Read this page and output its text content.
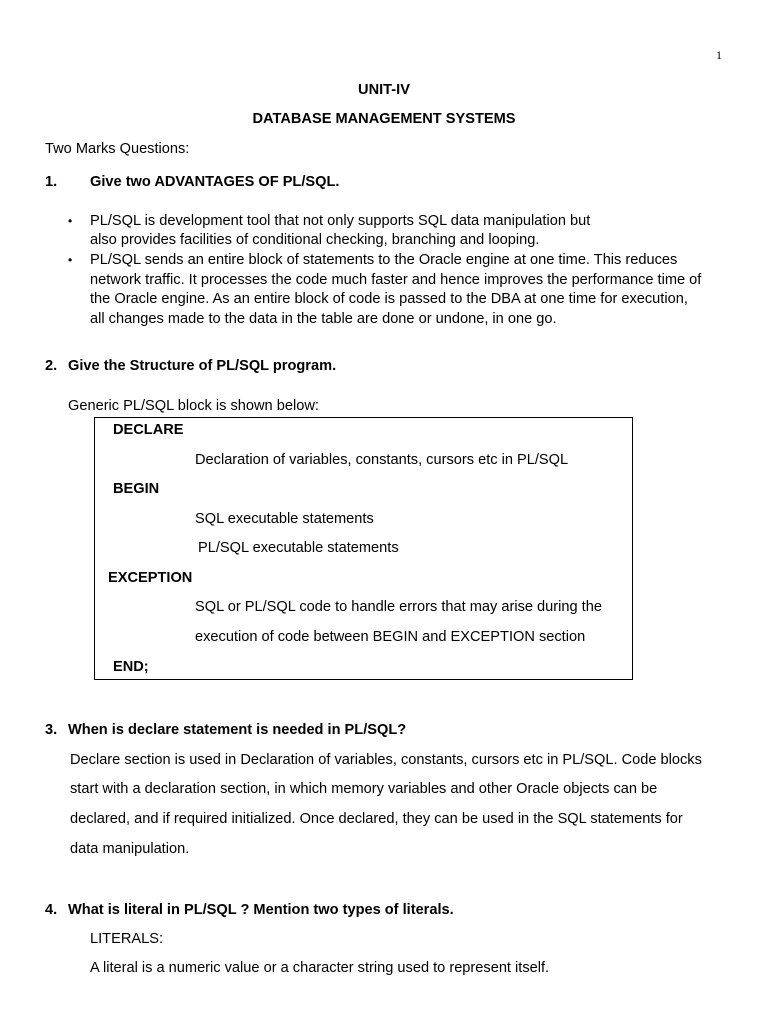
1
UNIT-IV
DATABASE MANAGEMENT SYSTEMS
Two Marks Questions:
1. Give two ADVANTAGES OF PL/SQL.
• PL/SQL is development tool that not only supports SQL data manipulation but
also provides facilities of conditional checking, branching and looping.
• PL/SQL sends an entire block of statements to the Oracle engine at one time. This reduces
network traffic. It processes the code much faster and hence improves the performance time of
the Oracle engine. As an entire block of code is passed to the DBA at one time for execution,
all changes made to the data in the table are done or undone, in one go.
2. Give the Structure of PL/SQL program.
Generic PL/SQL block is shown below:
DECLARE
Declaration of variables, constants, cursors etc in PL/SQL
BEGIN
SQL executable statements
PL/SQL executable statements
EXCEPTION
SQL or PL/SQL code to handle errors that may arise during the
execution of code between BEGIN and EXCEPTION section
END;
3. When is declare statement is needed in PL/SQL?
Declare section is used in Declaration of variables, constants, cursors etc in PL/SQL. Code blocks
start with a declaration section, in which memory variables and other Oracle objects can be
declared, and if required initialized. Once declared, they can be used in the SQL statements for
data manipulation.
4. What is literal in PL/SQL ? Mention two types of literals.
LITERALS:
A literal is a numeric value or a character string used to represent itself.
